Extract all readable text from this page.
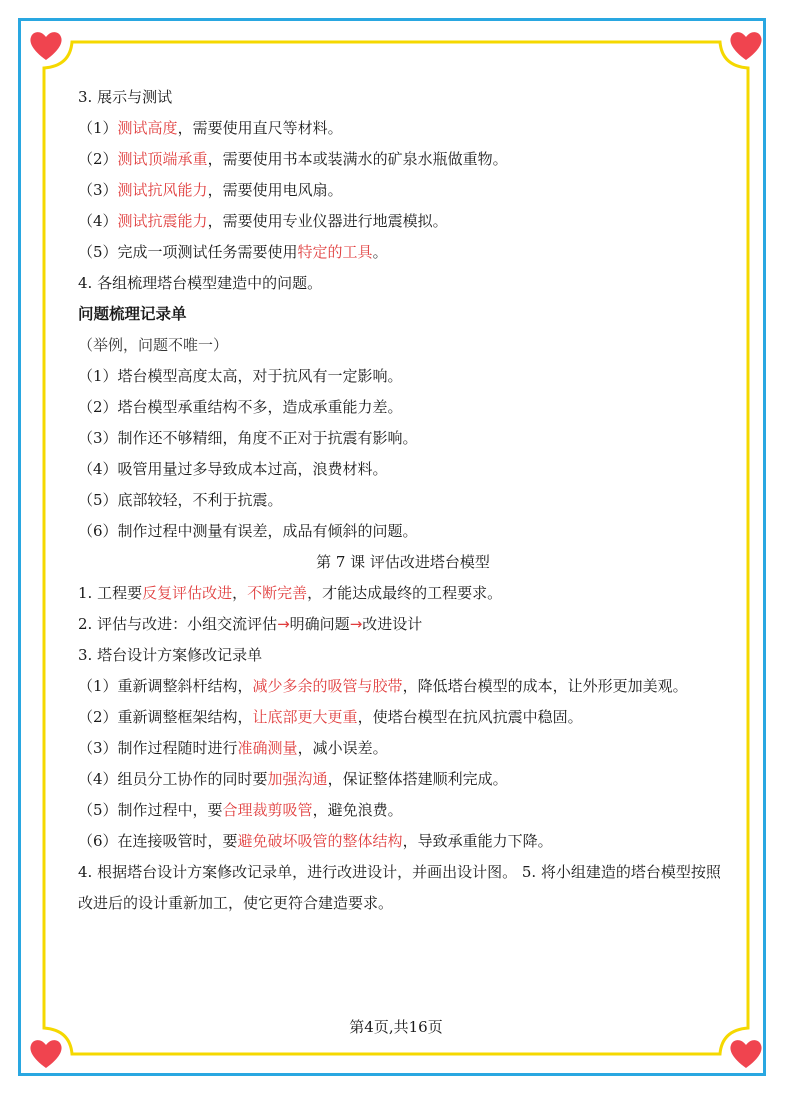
3. 展示与测试
（1）测试高度，需要使用直尺等材料。
（2）测试顶端承重，需要使用书本或装满水的矿泉水瓶做重物。
（3）测试抗风能力，需要使用电风扇。
（4）测试抗震能力，需要使用专业仪器进行地震模拟。
（5）完成一项测试任务需要使用特定的工具。
4. 各组梳理塔台模型建造中的问题。
问题梳理记录单
（举例，问题不唯一）
（1）塔台模型高度太高，对于抗风有一定影响。
（2）塔台模型承重结构不多，造成承重能力差。
（3）制作还不够精细，角度不正对于抗震有影响。
（4）吸管用量过多导致成本过高，浪费材料。
（5）底部较轻，不利于抗震。
（6）制作过程中测量有误差，成品有倾斜的问题。
第 7 课 评估改进塔台模型
1. 工程要反复评估改进，不断完善，才能达成最终的工程要求。
2. 评估与改进：小组交流评估→明确问题→改进设计
3. 塔台设计方案修改记录单
（1）重新调整斜杆结构，减少多余的吸管与胶带，降低塔台模型的成本，让外形更加美观。
（2）重新调整框架结构，让底部更大更重，使塔台模型在抗风抗震中稳固。
（3）制作过程随时进行准确测量，减小误差。
（4）组员分工协作的同时要加强沟通，保证整体搭建顺利完成。
（5）制作过程中，要合理裁剪吸管，避免浪费。
（6）在连接吸管时，要避免破坏吸管的整体结构，导致承重能力下降。
4. 根据塔台设计方案修改记录单，进行改进设计，并画出设计图。 5. 将小组建造的塔台模型按照改进后的设计重新加工，使它更符合建造要求。
第4页,共16页
